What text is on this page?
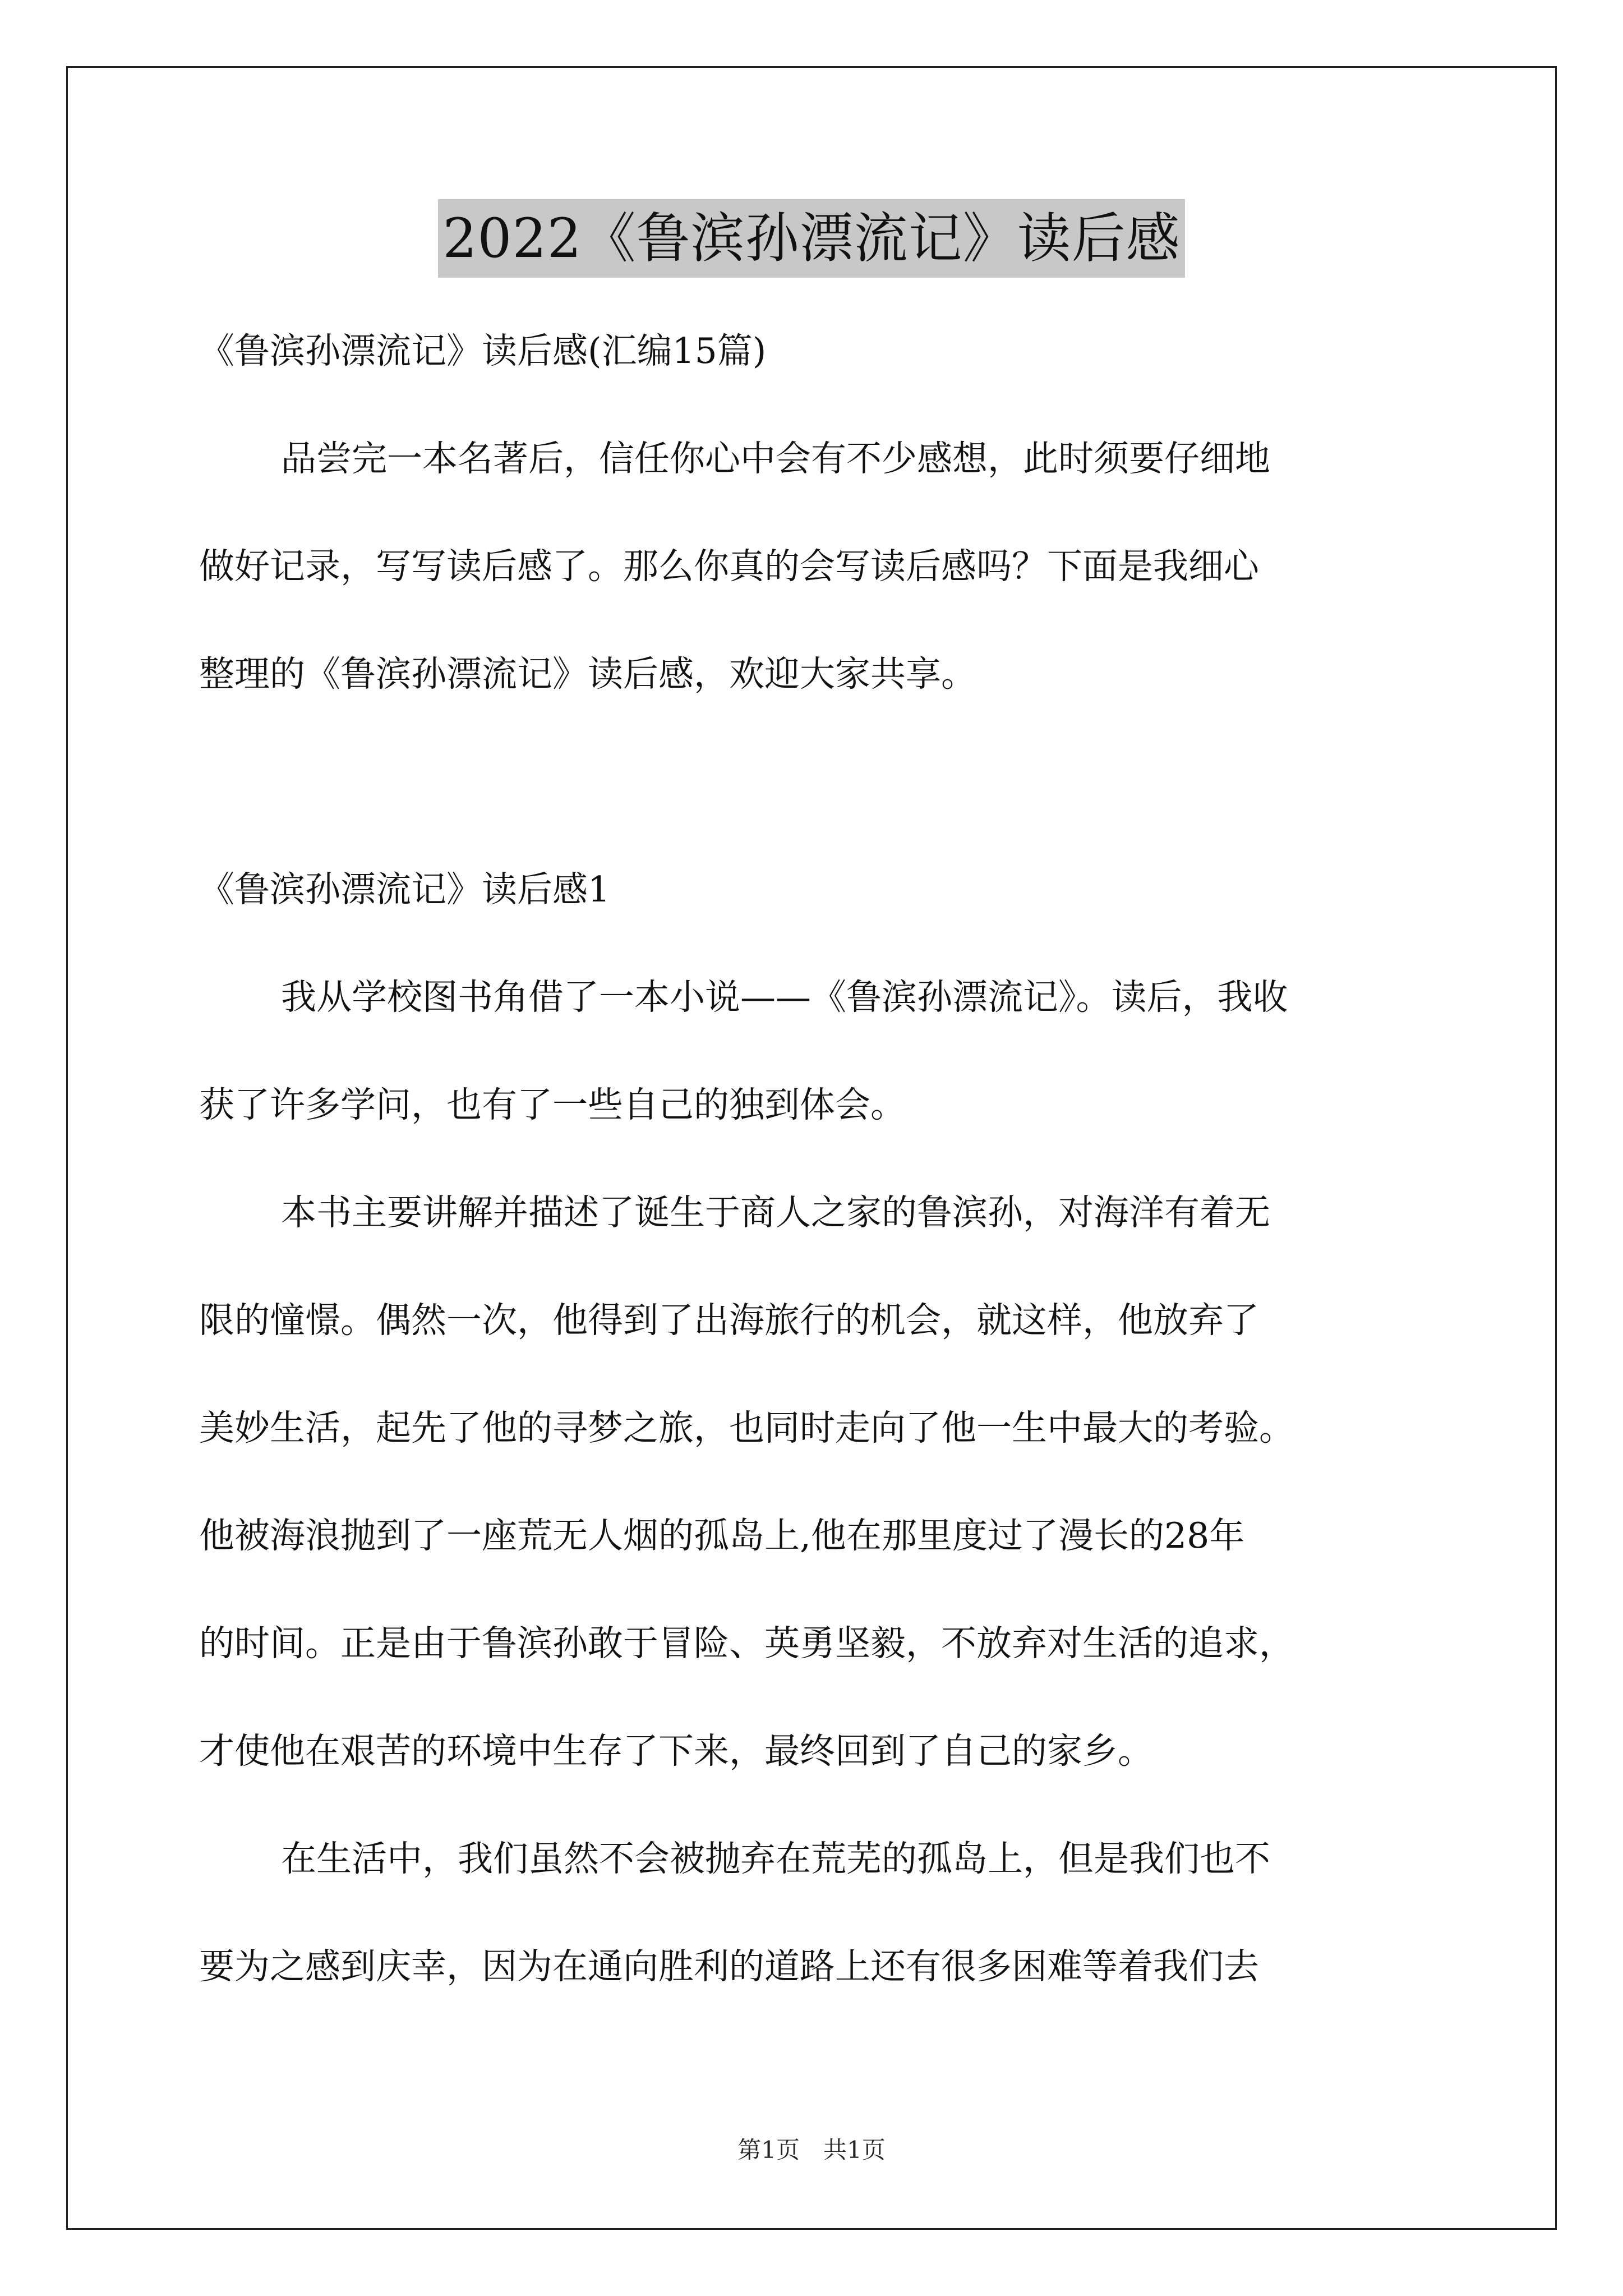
2022《鲁滨孙漂流记》读后感
《鲁滨孙漂流记》读后感(汇编15篇)
品尝完一本名著后，信任你心中会有不少感想，此时须要仔细地
做好记录，写写读后感了。那么你真的会写读后感吗？下面是我细心
整理的《鲁滨孙漂流记》读后感，欢迎大家共享。
《鲁滨孙漂流记》读后感1
我从学校图书角借了一本小说——《鲁滨孙漂流记》。读后，我收
获了许多学问，也有了一些自己的独到体会。
本书主要讲解并描述了诞生于商人之家的鲁滨孙，对海洋有着无
限的憧憬。偶然一次，他得到了出海旅行的机会，就这样，他放弃了
美妙生活，起先了他的寻梦之旅，也同时走向了他一生中最大的考验。
他被海浪抛到了一座荒无人烟的孤岛上,他在那里度过了漫长的28年
的时间。正是由于鲁滨孙敢于冒险、英勇坚毅，不放弃对生活的追求，
才使他在艰苦的环境中生存了下来，最终回到了自己的家乡。
在生活中，我们虽然不会被抛弃在荒芜的孤岛上，但是我们也不
要为之感到庆幸，因为在通向胜利的道路上还有很多困难等着我们去
第1页　共1页
